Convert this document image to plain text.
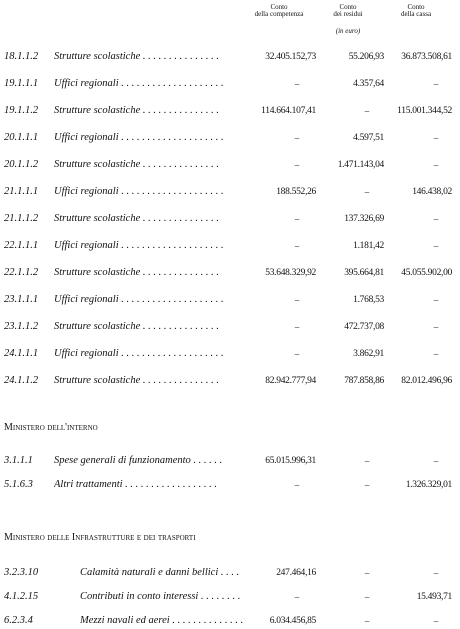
Conto
della competenza
Conto
dei residui
Conto
della cassa
(in euro)
18.1.1.2 Strutture scolastiche . . . . . . . . . . . . . . .	32.405.152,73	55.206,93 36.873.508,61
19.1.1.1 Uffici regionali . . . . . . . . . . . . . . . . . . . .	–	4.357,64	–
19.1.1.2 Strutture scolastiche . . . . . . . . . . . . . . .	114.664.107,41	–	115.001.344,52
20.1.1.1 Uffici regionali . . . . . . . . . . . . . . . . . . . .	–	4.597,51	–
20.1.1.2 Strutture scolastiche . . . . . . . . . . . . . . .	–	1.471.143,04	–
21.1.1.1 Uffici regionali . . . . . . . . . . . . . . . . . . . .	188.552,26	–	146.438,02
21.1.1.2 Strutture scolastiche . . . . . . . . . . . . . . .	–	137.326,69	–
22.1.1.1 Uffici regionali . . . . . . . . . . . . . . . . . . . .	–	1.181,42	–
22.1.1.2 Strutture scolastiche . . . . . . . . . . . . . . .	53.648.329,92	395.664,81 45.055.902,00
23.1.1.1 Uffici regionali . . . . . . . . . . . . . . . . . . . .	–	1.768,53	–
23.1.1.2 Strutture scolastiche . . . . . . . . . . . . . . .	–	472.737,08	–
24.1.1.1 Uffici regionali . . . . . . . . . . . . . . . . . . . .	–	3.862,91	–
24.1.1.2 Strutture scolastiche . . . . . . . . . . . . . . .	82.942.777,94	787.858,86 82.012.496,96
Ministero dell'interno
3.1.1.1 Spese generali di funzionamento . . . . . .	65.015.996,31	–	–
5.1.6.3 Altri trattamenti . . . . . . . . . . . . . . . . . .	–	–	1.326.329,01
Ministero delle Infrastrutture e dei trasporti
3.2.3.10	Calamità naturali e danni bellici . . . .	247.464,16	–	–
4.1.2.15	Contributi in conto interessi . . . . . . . .	–	–	15.493,71
6.2.3.4	Mezzi navali ed aerei . . . . . . . . . . . . . .	6.034.456,85	–	–
